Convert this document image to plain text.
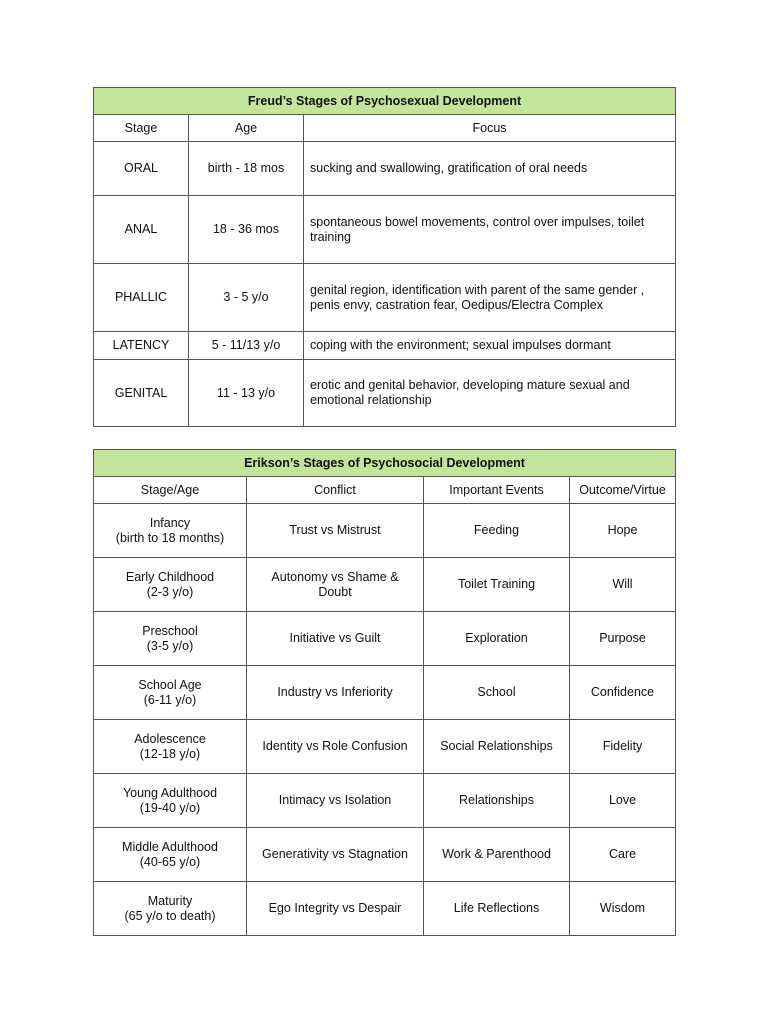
Freud’s Stages of Psychosexual Development		
Stage	Age	Focus
ORAL	birth - 18 mos	sucking and swallowing, gratification of oral needs
ANAL	18 - 36 mos	spontaneous bowel movements, control over impulses, toilet training
PHALLIC	3 - 5 y/o	genital region, identification with parent of the same gender , penis envy, castration fear, Oedipus/Electra Complex
LATENCY	5 - 11/13 y/o	coping with the environment; sexual impulses dormant
GENITAL	11 - 13 y/o	erotic and genital behavior, developing mature sexual and emotional relationship
Erikson’s Stages of Psychosocial Development			
Stage/Age	Conflict	Important Events	Outcome/Virtue

Infancy
(birth to 18 months)	Trust vs Mistrust	Feeding	Hope

Early Childhood
(2-3 y/o)	Autonomy vs Shame & Doubt	Toilet Training	Will

Preschool
(3-5 y/o)	Initiative vs Guilt	Exploration	Purpose

School Age
(6-11 y/o)	Industry vs Inferiority	School	Confidence

Adolescence
(12-18 y/o)	Identity vs Role Confusion	Social Relationships	Fidelity

Young Adulthood
(19-40 y/o)	Intimacy vs Isolation	Relationships	Love

Middle Adulthood
(40-65 y/o)	Generativity vs Stagnation	Work & Parenthood	Care

Maturity
(65 y/o to death)	Ego Integrity vs Despair	Life Reflections	Wisdom
